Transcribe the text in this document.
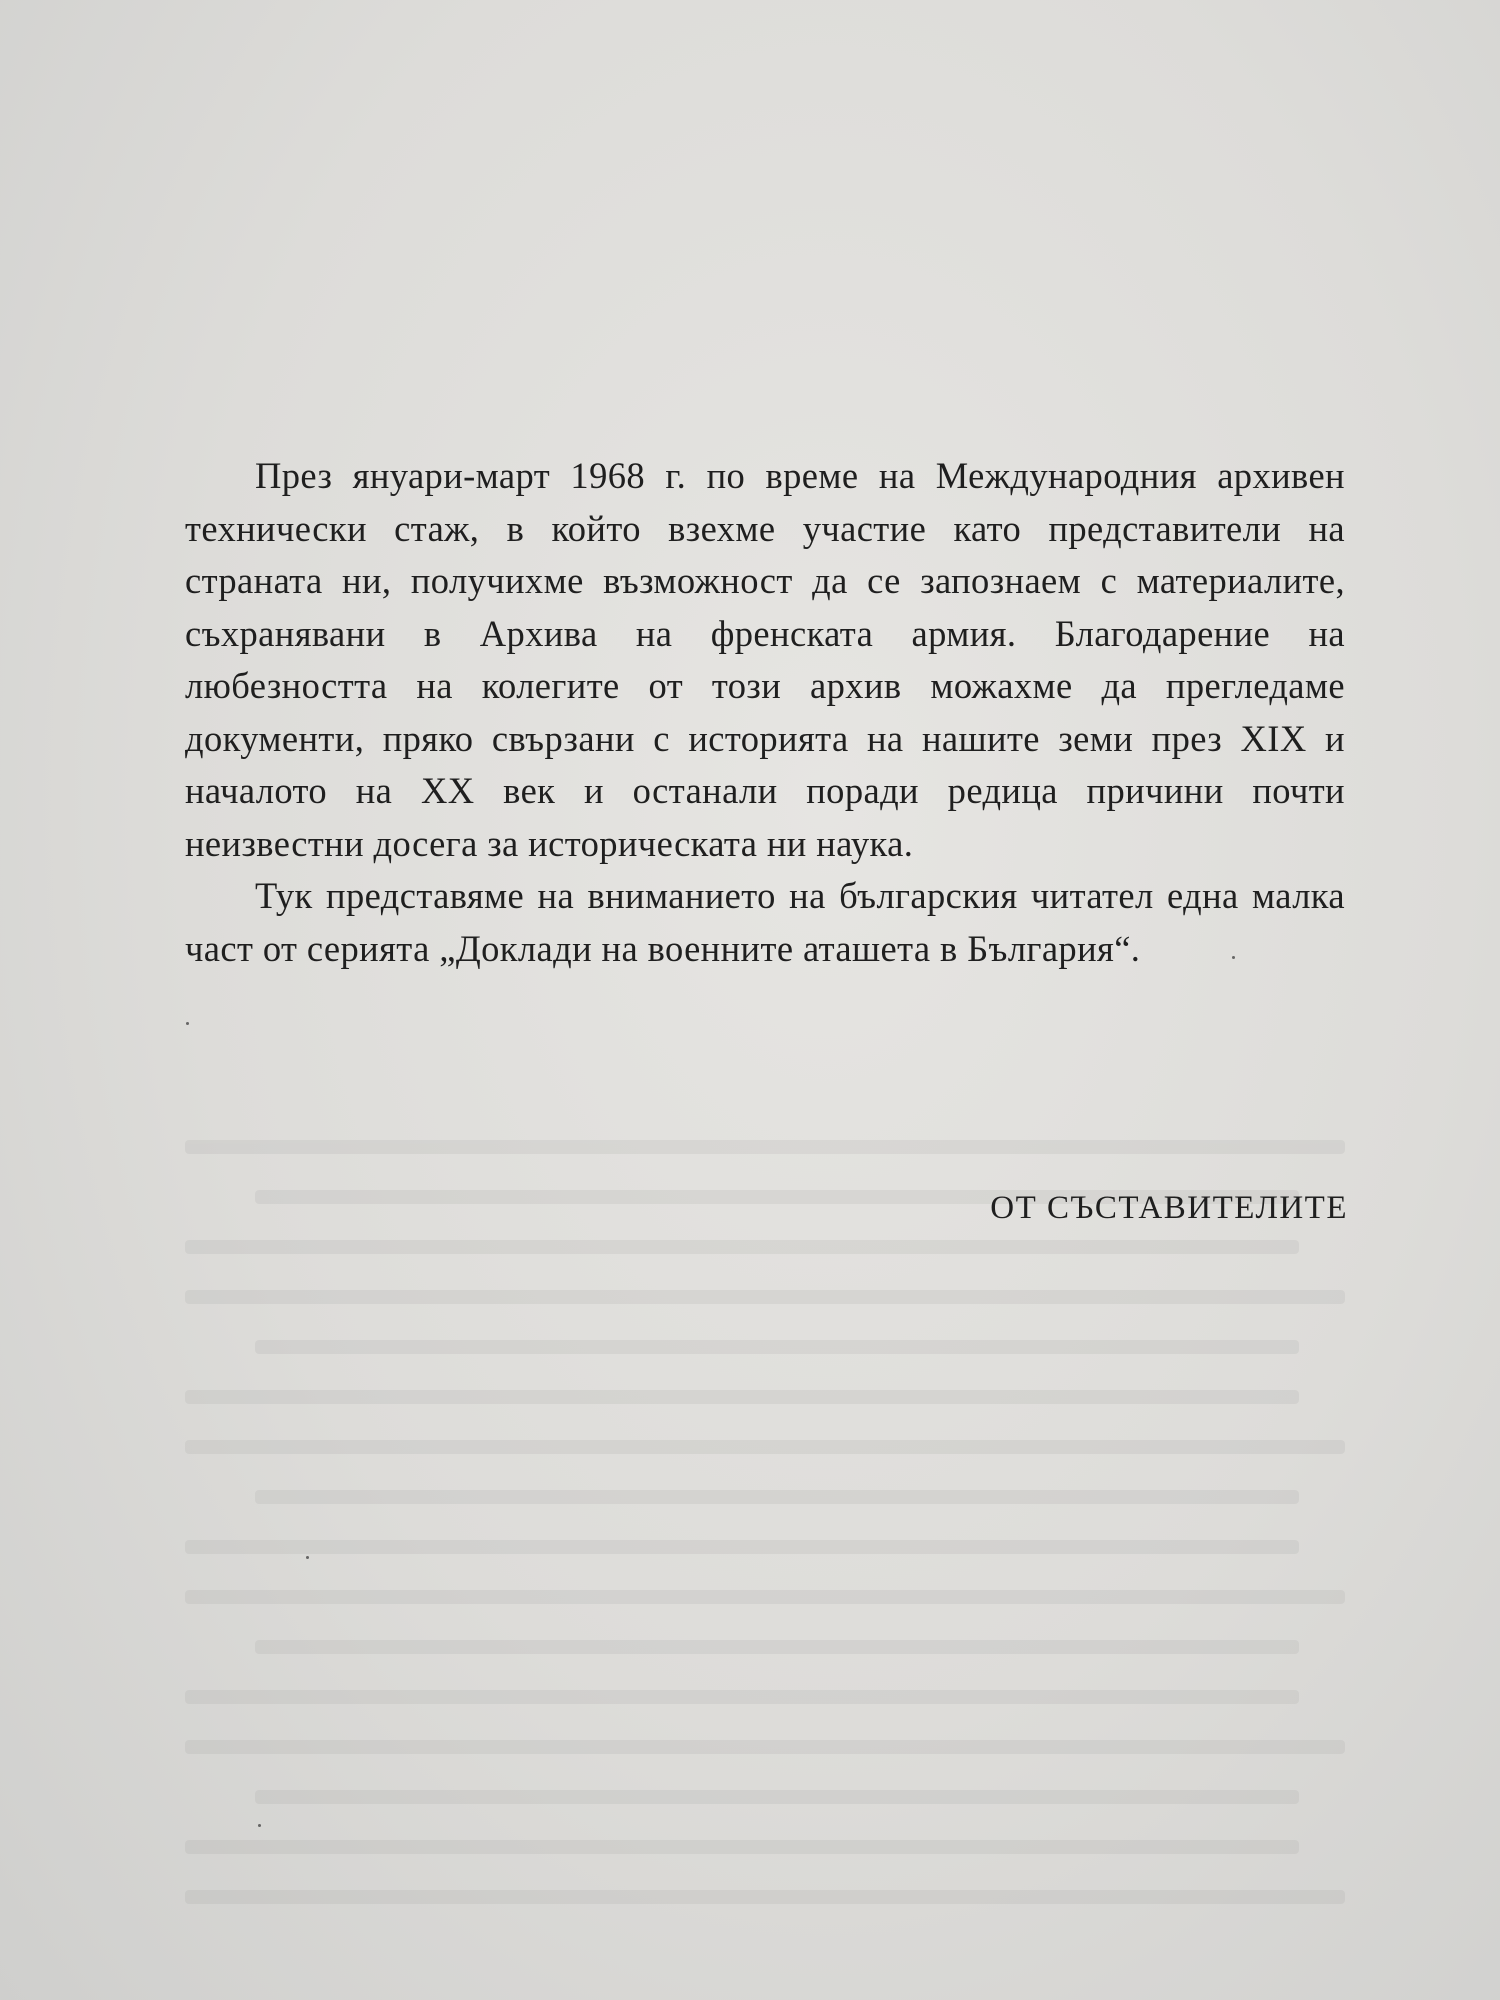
През януари-март 1968 г. по време на Международния архивен технически стаж, в който взехме участие като представители на страната ни, получихме възможност да се запознаем с материалите, съхранявани в Архива на френската армия. Благодарение на любезността на колегите от този архив можахме да прегледаме документи, пряко свързани с историята на нашите земи през XIX и началото на XX век и останали поради редица причини почти неизвестни досега за историческата ни наука.

Тук представяме на вниманието на българския читател една малка част от серията „Доклади на военните аташета в България“.

ОТ СЪСТАВИТЕЛИТЕ
